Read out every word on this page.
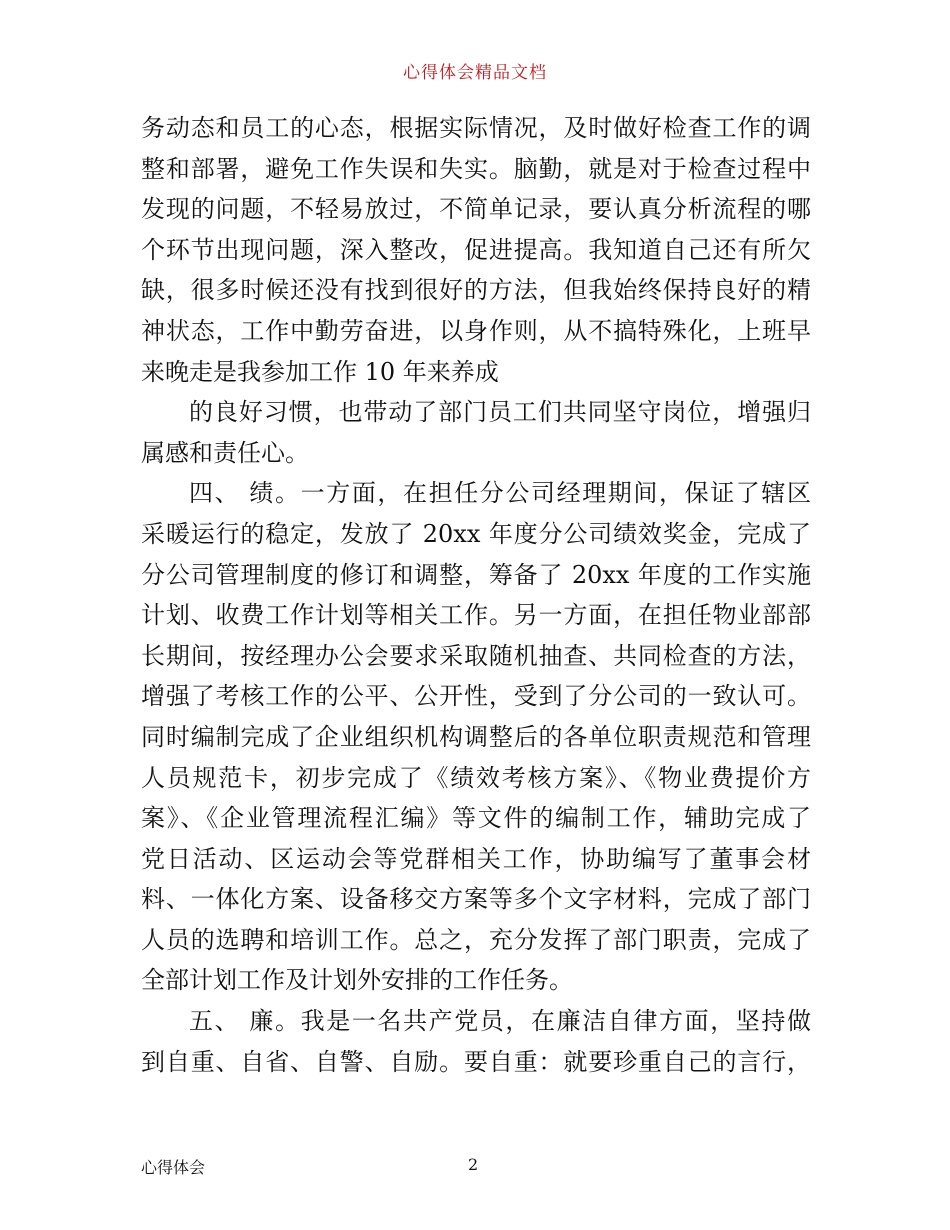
心得体会精品文档
务动态和员工的心态，根据实际情况，及时做好检查工作的调
整和部署，避免工作失误和失实。脑勤，就是对于检查过程中
发现的问题，不轻易放过，不简单记录，要认真分析流程的哪
个环节出现问题，深入整改，促进提高。我知道自己还有所欠
缺，很多时候还没有找到很好的方法，但我始终保持良好的精
神状态，工作中勤劳奋进，以身作则，从不搞特殊化，上班早
来晚走是我参加工作 10 年来养成
的良好习惯，也带动了部门员工们共同坚守岗位，增强归
属感和责任心。
四、 绩。一方面，在担任分公司经理期间，保证了辖区
采暖运行的稳定，发放了 20xx 年度分公司绩效奖金，完成了
分公司管理制度的修订和调整，筹备了 20xx 年度的工作实施
计划、收费工作计划等相关工作。另一方面，在担任物业部部
长期间，按经理办公会要求采取随机抽查、共同检查的方法，
增强了考核工作的公平、公开性，受到了分公司的一致认可。
同时编制完成了企业组织机构调整后的各单位职责规范和管理
人员规范卡，初步完成了《绩效考核方案》、《物业费提价方
案》、《企业管理流程汇编》等文件的编制工作，辅助完成了
党日活动、区运动会等党群相关工作，协助编写了董事会材
料、一体化方案、设备移交方案等多个文字材料，完成了部门
人员的选聘和培训工作。总之，充分发挥了部门职责，完成了
全部计划工作及计划外安排的工作任务。
五、 廉。我是一名共产党员，在廉洁自律方面，坚持做
到自重、自省、自警、自励。要自重：就要珍重自己的言行，
心得体会	2
